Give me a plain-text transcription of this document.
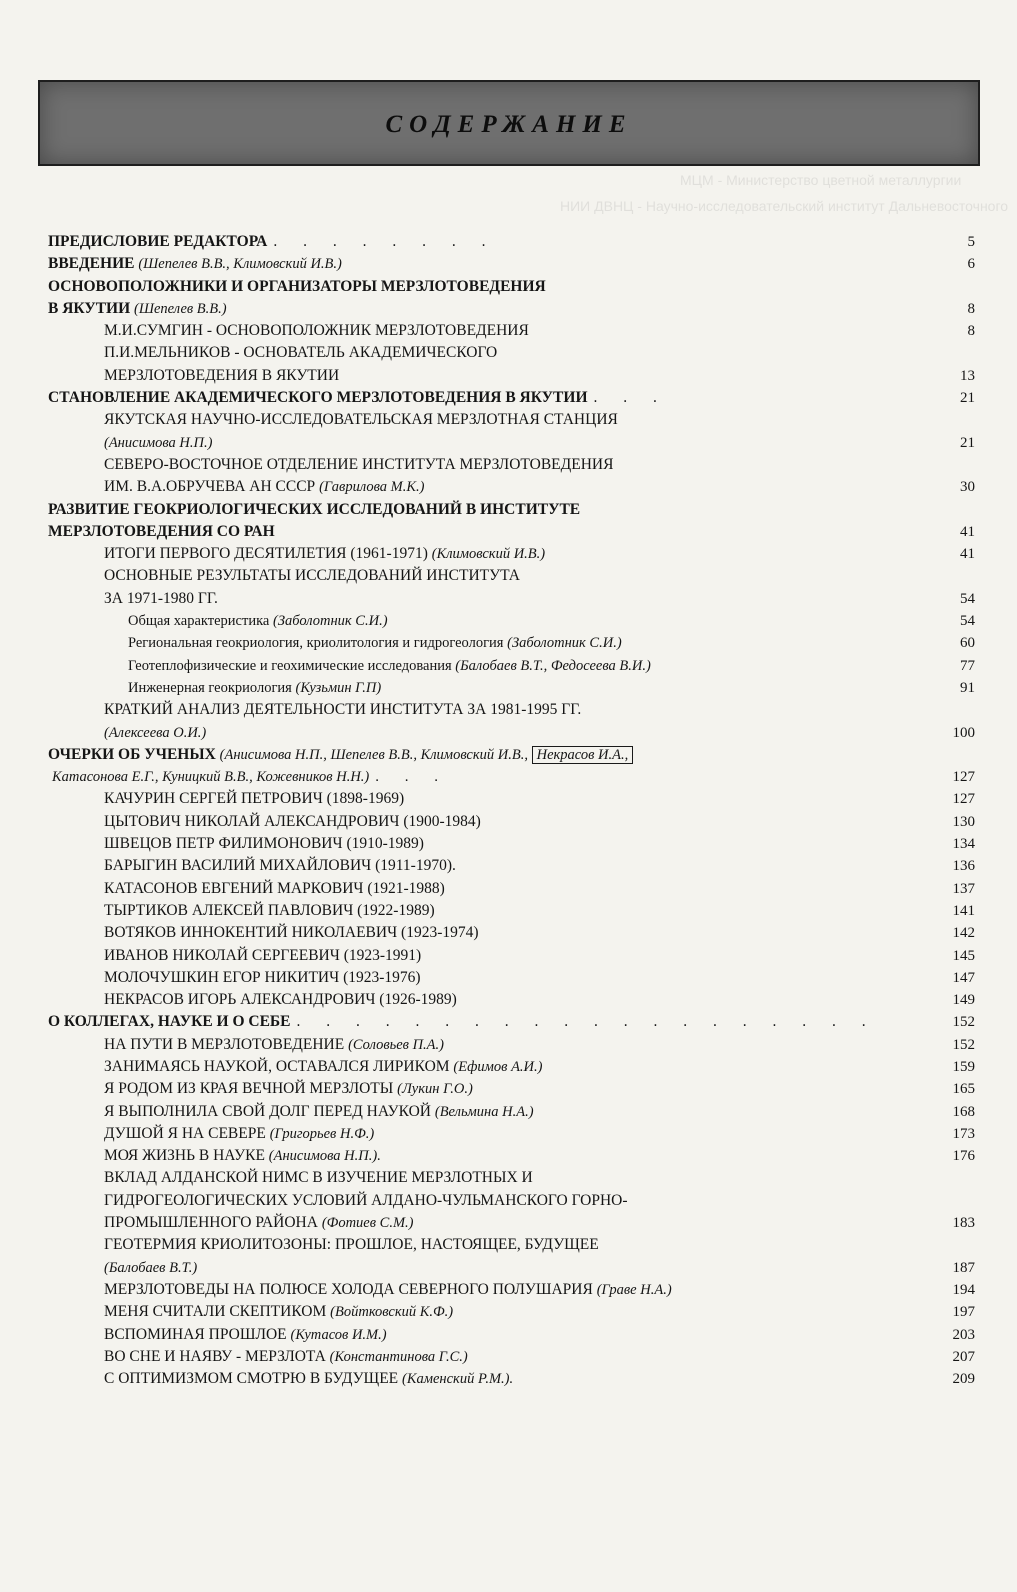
МЦМ - Министерство цветной металлургии
НИИ ДВНЦ - Научно-исследовательский институт Дальневосточного
СОДЕРЖАНИЕ
ПРЕДИСЛОВИЕ РЕДАКТОРА . . . . . . . .	5
ВВЕДЕНИЕ (Шепелев В.В., Климовский И.В.)	6
ОСНОВОПОЛОЖНИКИ И ОРГАНИЗАТОРЫ МЕРЗЛОТОВЕДЕНИЯ
В ЯКУТИИ (Шепелев В.В.)	8
М.И.СУМГИН - ОСНОВОПОЛОЖНИК МЕРЗЛОТОВЕДЕНИЯ	8
П.И.МЕЛЬНИКОВ - ОСНОВАТЕЛЬ АКАДЕМИЧЕСКОГО
МЕРЗЛОТОВЕДЕНИЯ В ЯКУТИИ	13
СТАНОВЛЕНИЕ АКАДЕМИЧЕСКОГО МЕРЗЛОТОВЕДЕНИЯ В ЯКУТИИ . . .	21
ЯКУТСКАЯ НАУЧНО-ИССЛЕДОВАТЕЛЬСКАЯ МЕРЗЛОТНАЯ СТАНЦИЯ
(Анисимова Н.П.)	21
СЕВЕРО-ВОСТОЧНОЕ ОТДЕЛЕНИЕ ИНСТИТУТА МЕРЗЛОТОВЕДЕНИЯ
ИМ. В.А.ОБРУЧЕВА АН СССР (Гаврилова М.К.)	30
РАЗВИТИЕ ГЕОКРИОЛОГИЧЕСКИХ ИССЛЕДОВАНИЙ В ИНСТИТУТЕ
МЕРЗЛОТОВЕДЕНИЯ СО РАН	41
ИТОГИ ПЕРВОГО ДЕСЯТИЛЕТИЯ (1961-1971) (Климовский И.В.)	41
ОСНОВНЫЕ РЕЗУЛЬТАТЫ ИССЛЕДОВАНИЙ ИНСТИТУТА
ЗА 1971-1980 ГГ.	54
Общая характеристика (Заболотник С.И.)	54
Региональная геокриология, криолитология и гидрогеология (Заболотник С.И.)	60
Геотеплофизические и геохимические исследования (Балобаев В.Т., Федосеева В.И.)	77
Инженерная геокриология (Кузьмин Г.П)	91
КРАТКИЙ АНАЛИЗ ДЕЯТЕЛЬНОСТИ ИНСТИТУТА ЗА 1981-1995 ГГ.
(Алексеева О.И.)	100
ОЧЕРКИ ОБ УЧЕНЫХ (Анисимова Н.П., Шепелев В.В., Климовский И.В., Некрасов И.А.,
Катасонова Е.Г., Куницкий В.В., Кожевников Н.Н.) . . .	127
КАЧУРИН СЕРГЕЙ ПЕТРОВИЧ (1898-1969)	127
ЦЫТОВИЧ НИКОЛАЙ АЛЕКСАНДРОВИЧ (1900-1984)	130
ШВЕЦОВ ПЕТР ФИЛИМОНОВИЧ (1910-1989)	134
БАРЫГИН ВАСИЛИЙ МИХАЙЛОВИЧ (1911-1970).	136
КАТАСОНОВ ЕВГЕНИЙ МАРКОВИЧ (1921-1988)	137
ТЫРТИКОВ АЛЕКСЕЙ ПАВЛОВИЧ (1922-1989)	141
ВОТЯКОВ ИННОКЕНТИЙ НИКОЛАЕВИЧ (1923-1974)	142
ИВАНОВ НИКОЛАЙ СЕРГЕЕВИЧ (1923-1991)	145
МОЛОЧУШКИН ЕГОР НИКИТИЧ (1923-1976)	147
НЕКРАСОВ ИГОРЬ АЛЕКСАНДРОВИЧ (1926-1989)	149
О КОЛЛЕГАХ, НАУКЕ И О СЕБЕ . . . . . . . . . . . . . . . . . . . .	152
НА ПУТИ В МЕРЗЛОТОВЕДЕНИЕ (Соловьев П.А.)	152
ЗАНИМАЯСЬ НАУКОЙ, ОСТАВАЛСЯ ЛИРИКОМ (Ефимов А.И.)	159
Я РОДОМ ИЗ КРАЯ ВЕЧНОЙ МЕРЗЛОТЫ (Лукин Г.О.)	165
Я ВЫПОЛНИЛА СВОЙ ДОЛГ ПЕРЕД НАУКОЙ (Вельмина Н.А.)	168
ДУШОЙ Я НА СЕВЕРЕ (Григорьев Н.Ф.)	173
МОЯ ЖИЗНЬ В НАУКЕ (Анисимова Н.П.).	176
ВКЛАД АЛДАНСКОЙ НИМС В ИЗУЧЕНИЕ МЕРЗЛОТНЫХ И
ГИДРОГЕОЛОГИЧЕСКИХ УСЛОВИЙ АЛДАНО-ЧУЛЬМАНСКОГО ГОРНО-
ПРОМЫШЛЕННОГО РАЙОНА (Фотиев С.М.)	183
ГЕОТЕРМИЯ КРИОЛИТОЗОНЫ: ПРОШЛОЕ, НАСТОЯЩЕЕ, БУДУЩЕЕ
(Балобаев В.Т.)	187
МЕРЗЛОТОВЕДЫ НА ПОЛЮСЕ ХОЛОДА СЕВЕРНОГО ПОЛУШАРИЯ (Граве Н.А.)	194
МЕНЯ СЧИТАЛИ СКЕПТИКОМ (Войтковский К.Ф.)	197
ВСПОМИНАЯ ПРОШЛОЕ (Кутасов И.М.)	203
ВО СНЕ И НАЯВУ - МЕРЗЛОТА (Константинова Г.С.)	207
С ОПТИМИЗМОМ СМОТРЮ В БУДУЩЕЕ (Каменский Р.М.).	209
